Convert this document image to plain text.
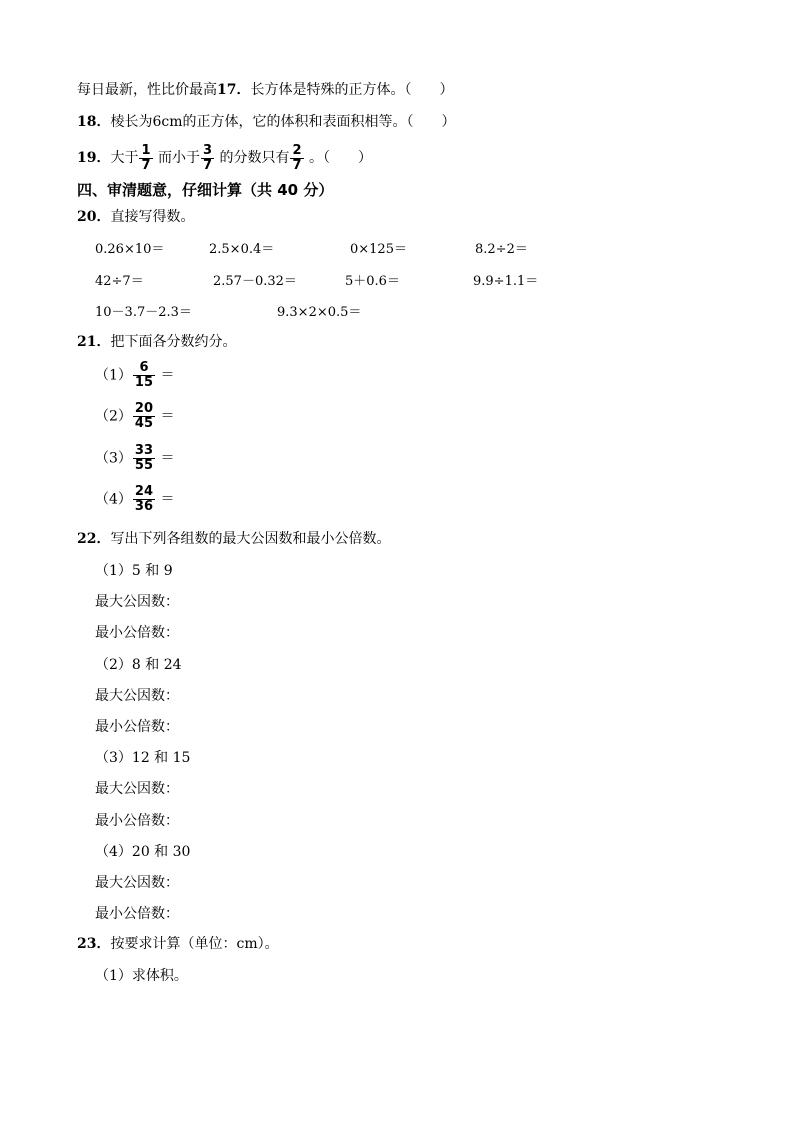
每日最新，性比价最高17．长方体是特殊的正方体。（　　）
18．棱长为6cm的正方体，它的体积和表面积相等。（　　）
19．大于 $\frac{1}{7}$ 而小于 $\frac{3}{7}$ 的分数只有 $\frac{2}{7}$ 。（　　）
四、审清题意，仔细计算（共 40 分）
20．直接写得数。
0.26×10＝	2.5×0.4＝	0×125＝	8.2÷2＝
42÷7＝	2.57－0.32＝	5＋0.6＝	9.9÷1.1＝
10－3.7－2.3＝	9.3×2×0.5＝
21．把下面各分数约分。
$(1) \frac{6}{15}$ ＝
$(2) \frac{20}{45}$ ＝
$(3) \frac{33}{55}$ ＝
$(4) \frac{24}{36}$ ＝
22．写出下列各组数的最大公因数和最小公倍数。
（1）5 和 9
最大公因数：
最小公倍数：
（2）8 和 24
最大公因数：
最小公倍数：
（3）12 和 15
最大公因数：
最小公倍数：
（4）20 和 30
最大公因数：
最小公倍数：
23．按要求计算（单位：cm）。
（1）求体积。
